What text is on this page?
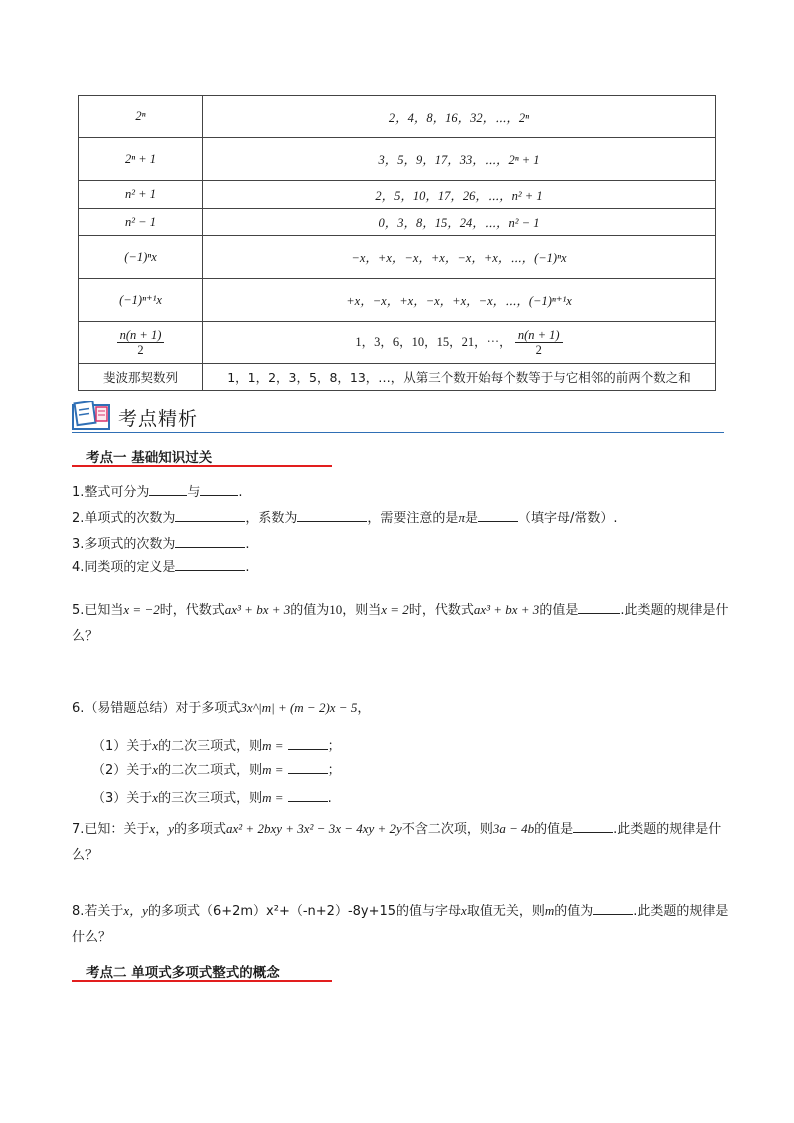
2ⁿ	2，4，8，16，32，⋯，2ⁿ
2ⁿ + 1	3，5，9，17，33，⋯，2ⁿ + 1
n² + 1	2，5，10，17，26，⋯，n² + 1
n² − 1	0，3，8，15，24，⋯，n² − 1
(−1)ⁿx	−x，+x，−x，+x，−x，+x，⋯，(−1)ⁿx
(−1)ⁿ⁺¹x	+x，−x，+x，−x，+x，−x，⋯，(−1)ⁿ⁺¹x

$\frac{n(n + 1)}{2}$	1，3，6，10，15，21，⋯， $\frac{n(n + 1)}{2}$

斐波那契数列	1，1，2，3，5，8，13，…，从第三个数开始每个数等于与它相邻的前两个数之和
考点精析
考点一 基础知识过关
1.整式可分为	与	.
2.单项式的次数为	，系数为	，需要注意的是π是	（填字母/常数）.
3.多项式的次数为	.
4.同类项的定义是	.
5.已知当x = −2时，代数式ax³ + bx + 3的值为10，则当x = 2时，代数式ax³ + bx + 3的值是	.此类题的规律是什么？
6.（易错题总结）对于多项式3x^|m| + (m − 2)x − 5，
（1）关于x的二次三项式，则m =	；
（2）关于x的二次二项式，则m =	；
（3）关于x的三次三项式，则m =	.
7.已知：关于x，y的多项式ax² + 2bxy + 3x² − 3x − 4xy + 2y不含二次项，则3a − 4b的值是	.此类题的规律是什么？
8.若关于x，y的多项式（6+2m）x²+（-n+2）-8y+15的值与字母x取值无关，则m的值为	.此类题的规律是什么？
考点二 单项式多项式整式的概念
